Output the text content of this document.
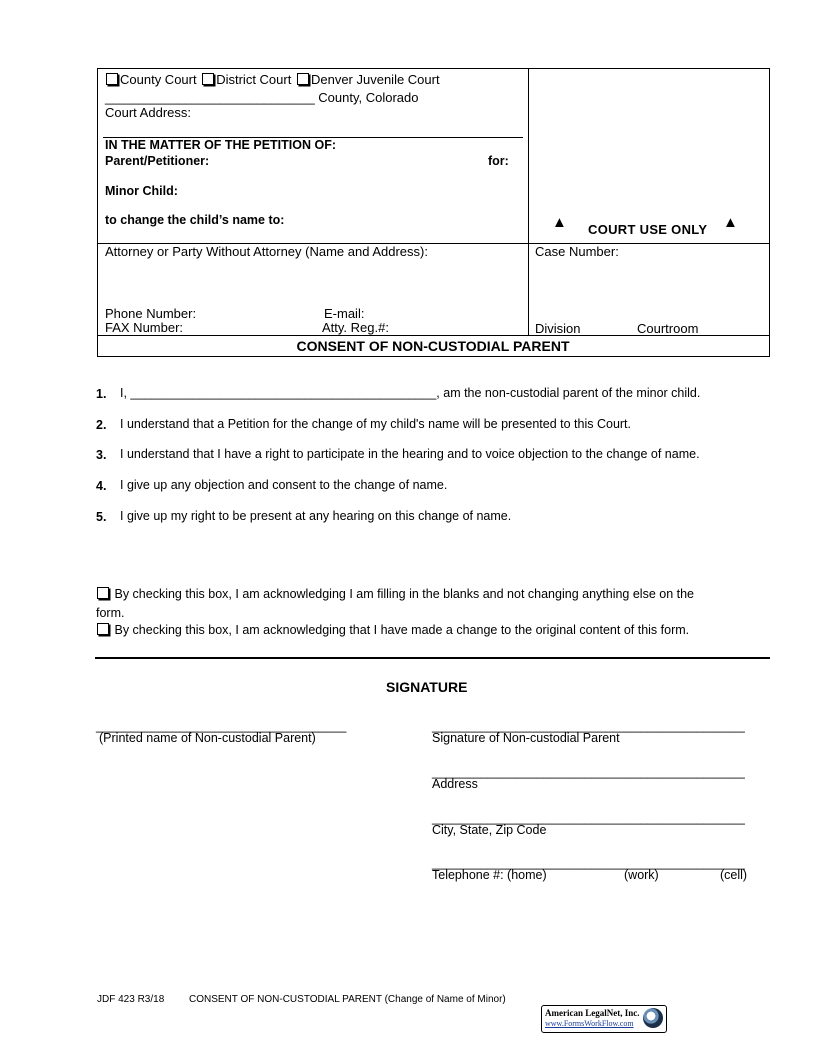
County Court District Court Denver Juvenile Court
_____________________________ County, Colorado
Court Address:
IN THE MATTER OF THE PETITION OF:
Parent/Petitioner:	for:
Minor Child:
to change the child’s name to:	▲ COURT USE ONLY ▲
Attorney or Party Without Attorney (Name and Address):	Case Number:
Phone Number:	E-mail:
FAX Number:	Atty. Reg.#:	Division	Courtroom
CONSENT OF NON-CUSTODIAL PARENT
1. I, ____________________________________________, am the non-custodial parent of the minor child.
2. I understand that a Petition for the change of my child's name will be presented to this Court.
3. I understand that I have a right to participate in the hearing and to voice objection to the change of name.
4. I give up any objection and consent to the change of name.
5. I give up my right to be present at any hearing on this change of name.
By checking this box, I am acknowledging I am filling in the blanks and not changing anything else on the
form.
By checking this box, I am acknowledging that I have made a change to the original content of this form.
SIGNATURE
____________________________________
(Printed name of Non-custodial Parent)
_____________________________________________
Signature of Non-custodial Parent
_____________________________________________
Address
_____________________________________________
City, State, Zip Code
_____________________________________________
Telephone #: (home)	(work)	(cell)
JDF 423 R3/18 CONSENT OF NON-CUSTODIAL PARENT (Change of Name of Minor)
American LegalNet, Inc.
www.FormsWorkFlow.com
